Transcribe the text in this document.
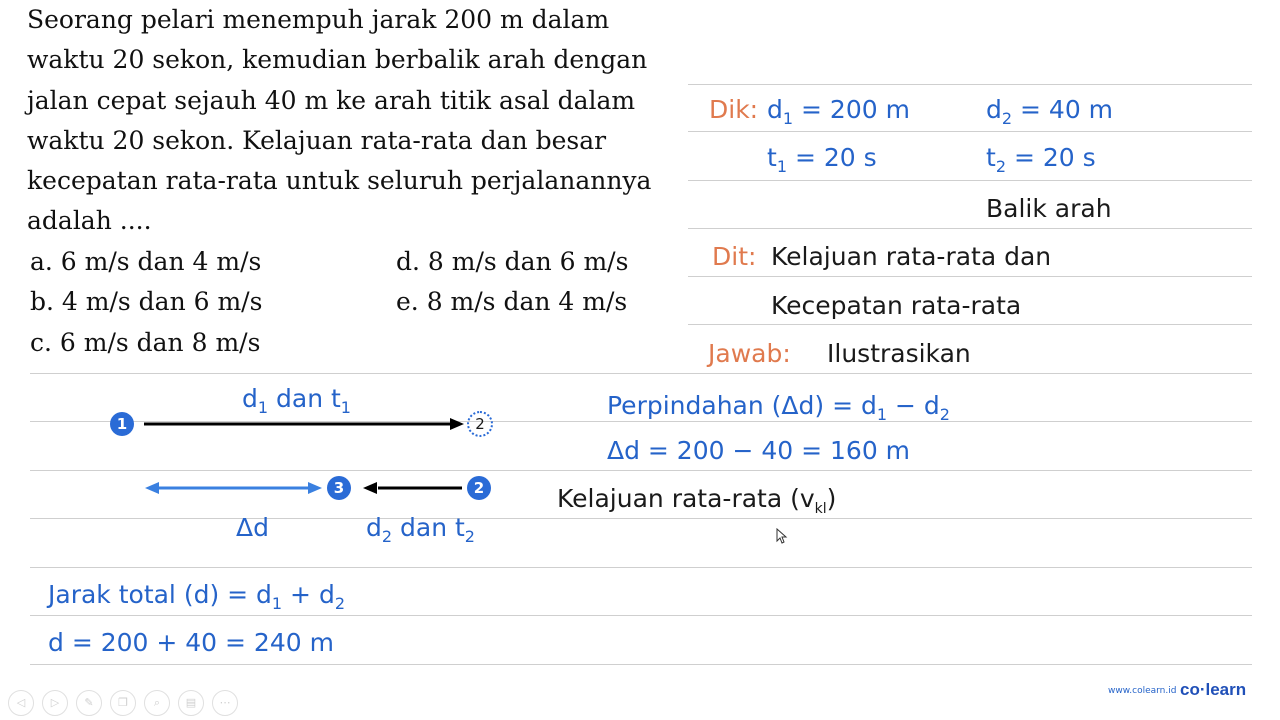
Seorang pelari menempuh jarak 200 m dalam
waktu 20 sekon, kemudian berbalik arah dengan
jalan cepat sejauh 40 m ke arah titik asal dalam
waktu 20 sekon. Kelajuan rata-rata dan besar
kecepatan rata-rata untuk seluruh perjalanannya
adalah ....
a. 6 m/s dan 4 m/s
b. 4 m/s dan 6 m/s
c. 6 m/s dan 8 m/s
d. 8 m/s dan 6 m/s
e. 8 m/s dan 4 m/s
Dik: $d_1 = 200$ m	$d_2 = 40$ m
$t_1 = 20$ s	$t_2 = 20$ s
Balik arah
Dit: Kelajuan rata-rata dan
Kecepatan rata-rata
Jawab: Ilustrasikan
$d_1$ dan $t_1$
1	2
3	2
Δd	$d_2$ dan $t_2$
Perpindahan $(\Delta d) = d_1 - d_2$
Δd = 200 − 40 = 160 m
Kelajuan rata-rata $(v_{kl})$
Jarak total $(d) = d_1 + d_2$
d = 200 + 40 = 240 m
◁	▷	✎	❐	⌕	▤	⋯
www.colearn.id co·learn
